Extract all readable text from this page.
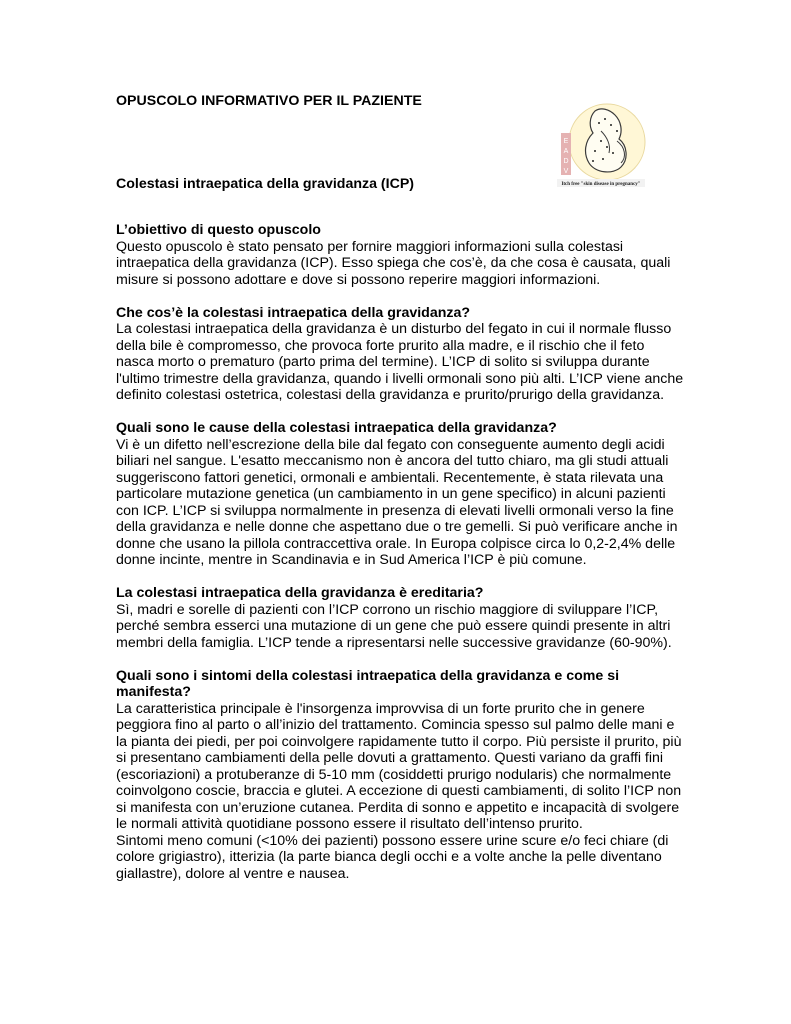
OPUSCOLO INFORMATIVO PER IL PAZIENTE
E
A
D
V
Itch free "skin disease in pregnancy"
Colestasi intraepatica della gravidanza (ICP)

L’obiettivo di questo opuscolo

Questo opuscolo è stato pensato per fornire maggiori informazioni sulla colestasi intraepatica della gravidanza (ICP). Esso spiega che cos’è, da che cosa è causata, quali misure si possono adottare e dove si possono reperire maggiori informazioni.

Che cos’è la colestasi intraepatica della gravidanza?

La colestasi intraepatica della gravidanza è un disturbo del fegato in cui il normale flusso della bile è compromesso, che provoca forte prurito alla madre, e il rischio che il feto nasca morto o prematuro (parto prima del termine). L’ICP di solito si sviluppa durante l'ultimo trimestre della gravidanza, quando i livelli ormonali sono più alti. L’ICP viene anche definito colestasi ostetrica, colestasi della gravidanza e prurito/prurigo della gravidanza.

Quali sono le cause della colestasi intraepatica della gravidanza?

Vi è un difetto nell’escrezione della bile dal fegato con conseguente aumento degli acidi biliari nel sangue. L'esatto meccanismo non è ancora del tutto chiaro, ma gli studi attuali suggeriscono fattori genetici, ormonali e ambientali. Recentemente, è stata rilevata una particolare mutazione genetica (un cambiamento in un gene specifico) in alcuni pazienti con ICP. L’ICP si sviluppa normalmente in presenza di elevati livelli ormonali verso la fine della gravidanza e nelle donne che aspettano due o tre gemelli. Si può verificare anche in donne che usano la pillola contraccettiva orale. In Europa colpisce circa lo 0,2-2,4% delle donne incinte, mentre in Scandinavia e in Sud America l’ICP è più comune.

La colestasi intraepatica della gravidanza è ereditaria?

Sì, madri e sorelle di pazienti con l’ICP corrono un rischio maggiore di sviluppare l’ICP, perché sembra esserci una mutazione di un gene che può essere quindi presente in altri membri della famiglia. L’ICP tende a ripresentarsi nelle successive gravidanze (60-90%).

Quali sono i sintomi della colestasi intraepatica della gravidanza e come si manifesta?

La caratteristica principale è l'insorgenza improvvisa di un forte prurito che in genere peggiora fino al parto o all’inizio del trattamento. Comincia spesso sul palmo delle mani e la pianta dei piedi, per poi coinvolgere rapidamente tutto il corpo. Più persiste il prurito, più si presentano cambiamenti della pelle dovuti a grattamento. Questi variano da graffi fini (escoriazioni) a protuberanze di 5-10 mm (cosiddetti prurigo nodularis) che normalmente coinvolgono coscie, braccia e glutei. A eccezione di questi cambiamenti, di solito l’ICP non si manifesta con un’eruzione cutanea. Perdita di sonno e appetito e incapacità di svolgere le normali attività quotidiane possono essere il risultato dell’intenso prurito.

Sintomi meno comuni (<10% dei pazienti) possono essere urine scure e/o feci chiare (di colore grigiastro), itterizia (la parte bianca degli occhi e a volte anche la pelle diventano giallastre), dolore al ventre e nausea.
